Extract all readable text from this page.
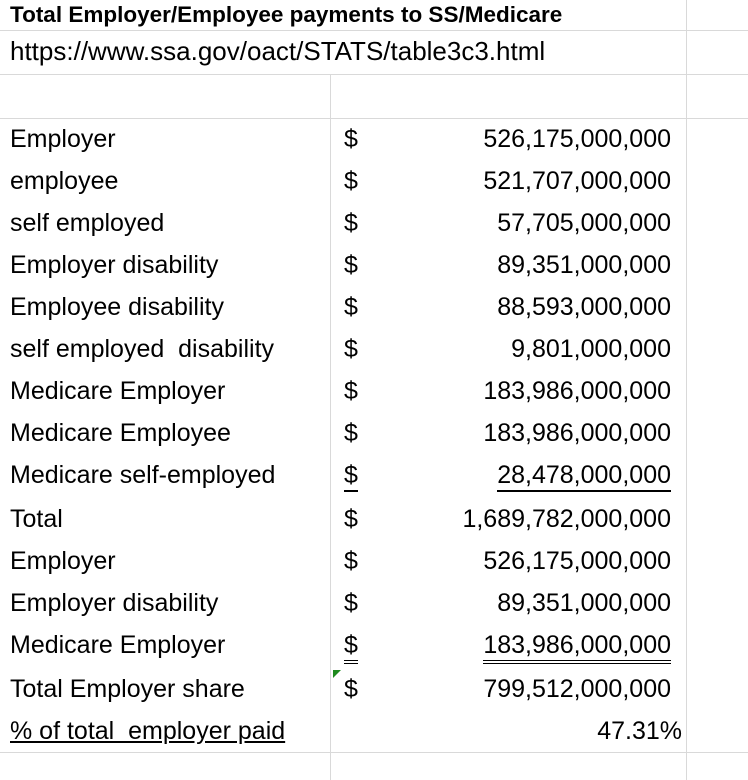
Total Employer/Employee payments to SS/Medicare
https://www.ssa.gov/oact/STATS/table3c3.html
Employer	$	526,175,000,000
employee	$	521,707,000,000
self employed	$	57,705,000,000
Employer disability	$	89,351,000,000
Employee disability	$	88,593,000,000
self employed  disability	$	9,801,000,000
Medicare Employer	$	183,986,000,000
Medicare Employee	$	183,986,000,000
Medicare self-employed	$	28,478,000,000
Total	$	1,689,782,000,000
Employer	$	526,175,000,000
Employer disability	$	89,351,000,000
Medicare Employer	$	183,986,000,000
Total Employer share	$	799,512,000,000
% of total  employer paid	47.31%
